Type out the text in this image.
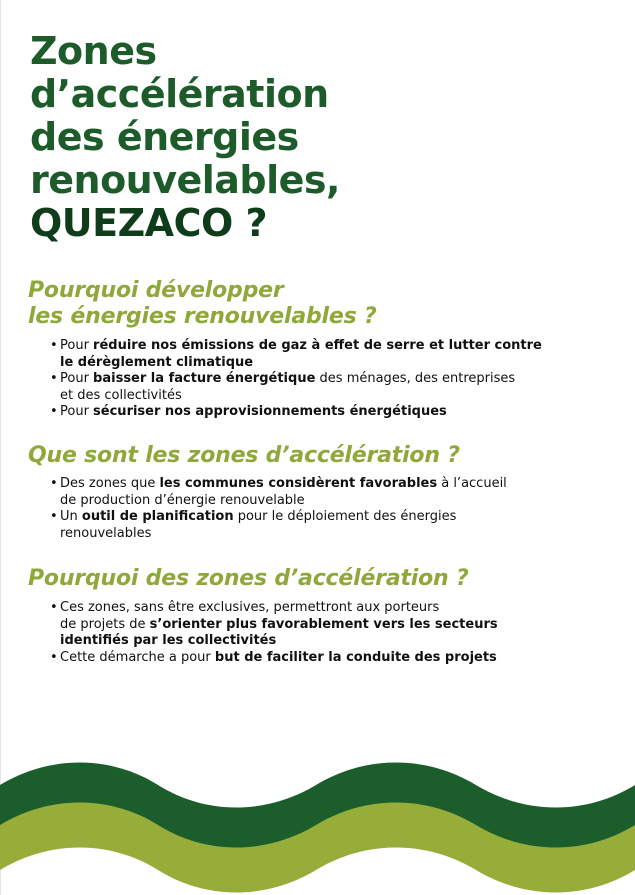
Zones
d’accélération
des énergies
renouvelables,
QUEZACO ?
Pourquoi développer
les énergies renouvelables ?
• Pour réduire nos émissions de gaz à effet de serre et lutter contre
le dérèglement climatique
• Pour baisser la facture énergétique des ménages, des entreprises
et des collectivités
• Pour sécuriser nos approvisionnements énergétiques
Que sont les zones d’accélération ?
• Des zones que les communes considèrent favorables à l’accueil
de production d’énergie renouvelable
• Un outil de planification pour le déploiement des énergies
renouvelables
Pourquoi des zones d’accélération ?
• Ces zones, sans être exclusives, permettront aux porteurs
de projets de s’orienter plus favorablement vers les secteurs
identifiés par les collectivités
• Cette démarche a pour but de faciliter la conduite des projets
